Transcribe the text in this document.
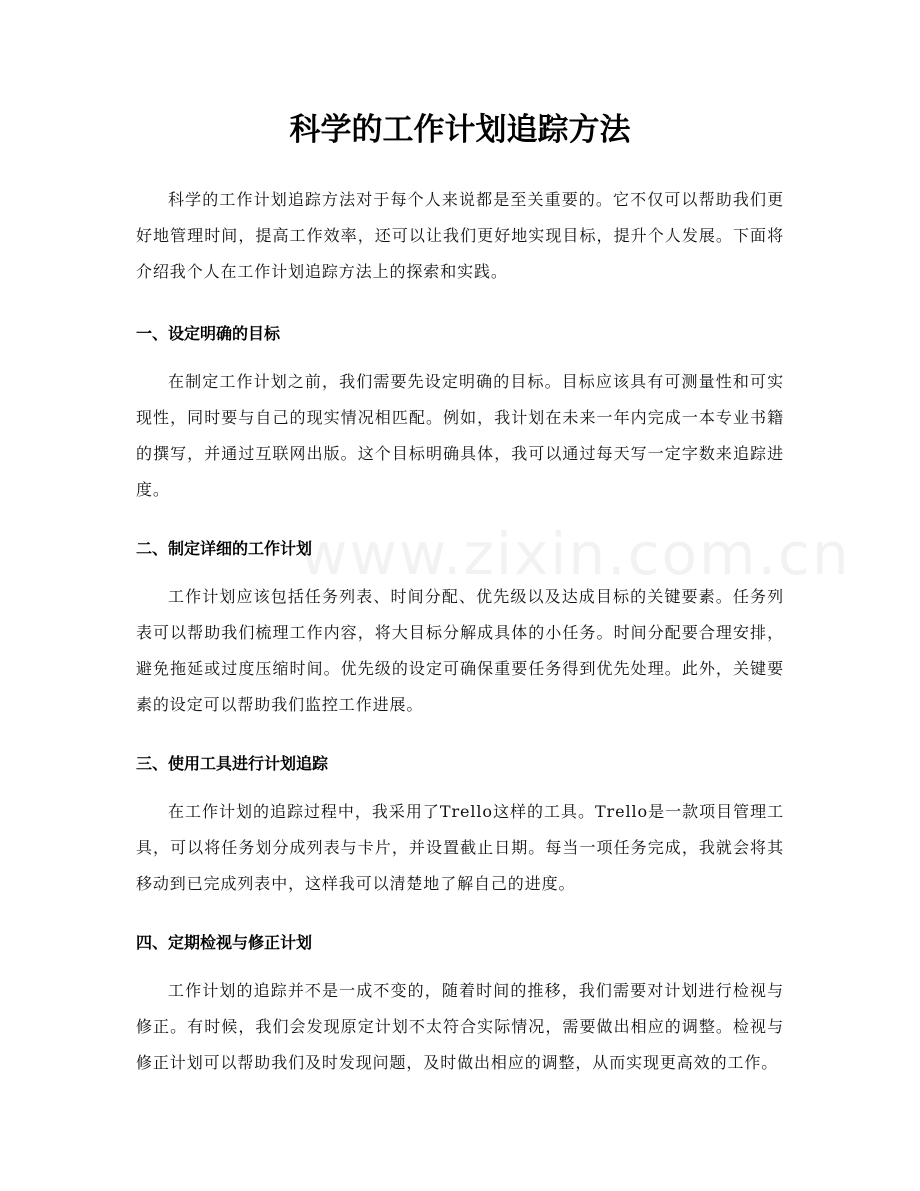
科学的工作计划追踪方法
www.zixin.com.cn

科学的工作计划追踪方法对于每个人来说都是至关重要的。它不仅可以帮助我们更好地管理时间，提高工作效率，还可以让我们更好地实现目标，提升个人发展。下面将介绍我个人在工作计划追踪方法上的探索和实践。

一、设定明确的目标

在制定工作计划之前，我们需要先设定明确的目标。目标应该具有可测量性和可实现性，同时要与自己的现实情况相匹配。例如，我计划在未来一年内完成一本专业书籍的撰写，并通过互联网出版。这个目标明确具体，我可以通过每天写一定字数来追踪进度。

二、制定详细的工作计划

工作计划应该包括任务列表、时间分配、优先级以及达成目标的关键要素。任务列表可以帮助我们梳理工作内容，将大目标分解成具体的小任务。时间分配要合理安排，避免拖延或过度压缩时间。优先级的设定可确保重要任务得到优先处理。此外，关键要素的设定可以帮助我们监控工作进展。

三、使用工具进行计划追踪

在工作计划的追踪过程中，我采用了Trello这样的工具。Trello是一款项目管理工具，可以将任务划分成列表与卡片，并设置截止日期。每当一项任务完成，我就会将其移动到已完成列表中，这样我可以清楚地了解自己的进度。

四、定期检视与修正计划

工作计划的追踪并不是一成不变的，随着时间的推移，我们需要对计划进行检视与修正。有时候，我们会发现原定计划不太符合实际情况，需要做出相应的调整。检视与修正计划可以帮助我们及时发现问题，及时做出相应的调整，从而实现更高效的工作。
